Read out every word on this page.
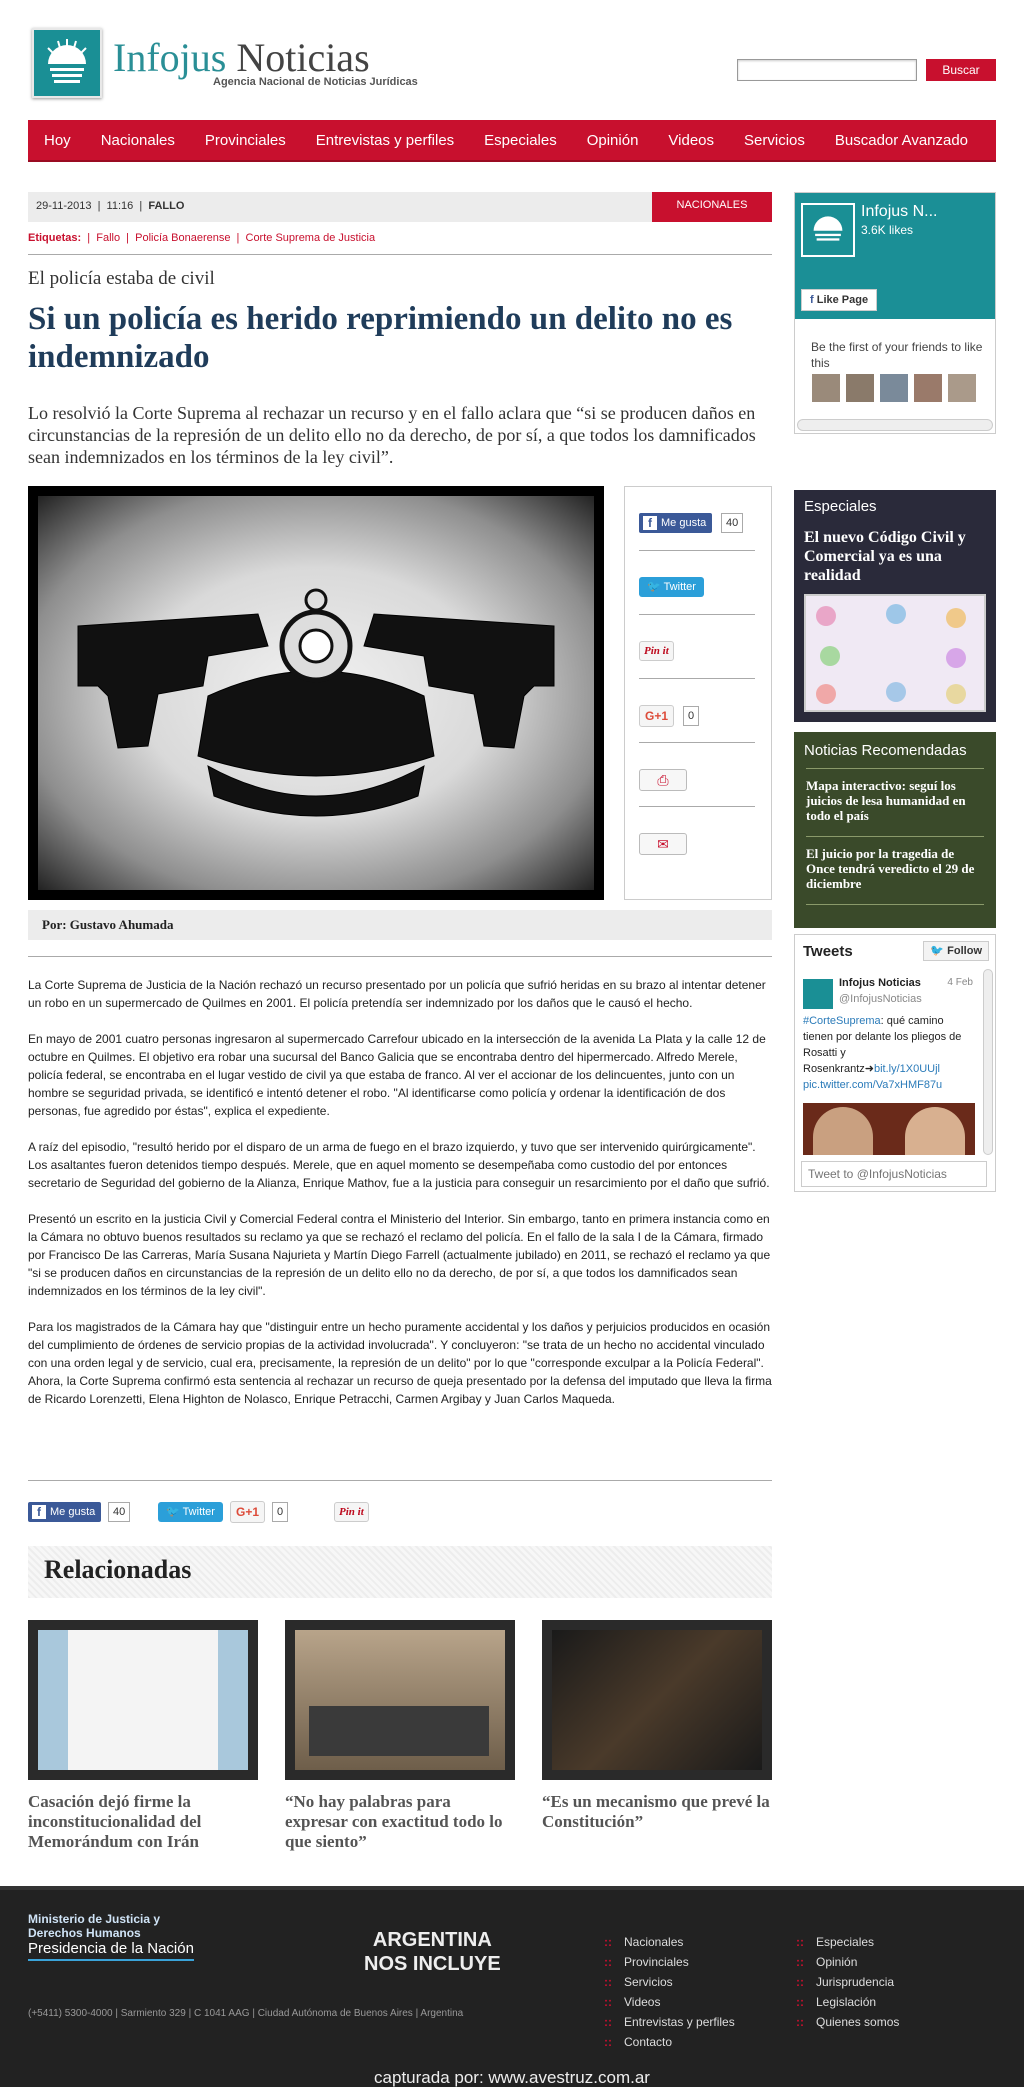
Infojus Noticias
Agencia Nacional de Noticias Jurídicas
Buscar
Hoy Nacionales Provinciales Entrevistas y perfiles Especiales Opinión Videos Servicios Buscador Avanzado
29-11-2013  |  11:16  |  FALLO	NACIONALES
Etiquetas:  |  Fallo |  Policía Bonaerense |  Corte Suprema de Justicia
El policía estaba de civil
Si un policía es herido reprimiendo un delito no es indemnizado
Lo resolvió la Corte Suprema al rechazar un recurso y en el fallo aclara que “si se producen daños en circunstancias de la represión de un delito ello no da derecho, de por sí, a que todos los damnificados sean indemnizados en los términos de la ley civil”.
f Me gusta	40
🐦 Twitter
Pin it
G+1	0
⎙
✉
Por: Gustavo Ahumada

La Corte Suprema de Justicia de la Nación rechazó un recurso presentado por un policía que sufrió heridas en su brazo al intentar detener un robo en un supermercado de Quilmes en 2001. El policía pretendía ser indemnizado por los daños que le causó el hecho.

En mayo de 2001 cuatro personas ingresaron al supermercado Carrefour ubicado en la intersección de la avenida La Plata y la calle 12 de octubre en Quilmes. El objetivo era robar una sucursal del Banco Galicia que se encontraba dentro del hipermercado. Alfredo Merele, policía federal, se encontraba en el lugar vestido de civil ya que estaba de franco. Al ver el accionar de los delincuentes, junto con un hombre se seguridad privada, se identificó e intentó detener el robo. "Al identificarse como policía y ordenar la identificación de dos personas, fue agredido por éstas", explica el expediente.

A raíz del episodio, "resultó herido por el disparo de un arma de fuego en el brazo izquierdo, y tuvo que ser intervenido quirúrgicamente". Los asaltantes fueron detenidos tiempo después. Merele, que en aquel momento se desempeñaba como custodio del por entonces secretario de Seguridad del gobierno de la Alianza, Enrique Mathov, fue a la justicia para conseguir un resarcimiento por el daño que sufrió.

Presentó un escrito en la justicia Civil y Comercial Federal contra el Ministerio del Interior. Sin embargo, tanto en primera instancia como en la Cámara no obtuvo buenos resultados su reclamo ya que se rechazó el reclamo del policía. En el fallo de la sala I de la Cámara, firmado por Francisco De las Carreras, María Susana Najurieta y Martín Diego Farrell (actualmente jubilado) en 2011, se rechazó el reclamo ya que "si se producen daños en circunstancias de la represión de un delito ello no da derecho, de por sí, a que todos los damnificados sean indemnizados en los términos de la ley civil".

Para los magistrados de la Cámara hay que "distinguir entre un hecho puramente accidental y los daños y perjuicios producidos en ocasión del cumplimiento de órdenes de servicio propias de la actividad involucrada". Y concluyeron: "se trata de un hecho no accidental vinculado con una orden legal y de servicio, cual era, precisamente, la represión de un delito" por lo que "corresponde exculpar a la Policía Federal". Ahora, la Corte Suprema confirmó esta sentencia al rechazar un recurso de queja presentado por la defensa del imputado que lleva la firma de Ricardo Lorenzetti, Elena Highton de Nolasco, Enrique Petracchi, Carmen Argibay y Juan Carlos Maqueda.

f Me gusta	40	🐦 Twitter	G+1	0	Pin it
Relacionadas
Casación dejó firme la inconstitucionalidad del Memorándum con Irán
“No hay palabras para expresar con exactitud todo lo que siento”
“Es un mecanismo que prevé la Constitución”
Infojus N...
3.6K likes
f Like Page
Be the first of your friends to like this
Especiales
El nuevo Código Civil y Comercial ya es una realidad
Noticias Recomendadas
Mapa interactivo: seguí los juicios de lesa humanidad en todo el país
El juicio por la tragedia de Once tendrá veredicto el 29 de diciembre
Tweets	🐦 Follow
Infojus Noticias
@InfojusNoticias
4 Feb
#CorteSuprema: qué camino tienen por delante los pliegos de Rosatti y Rosenkrantz➜bit.ly/1X0UUjl
pic.twitter.com/Va7xHMF87u
Tweet to @InfojusNoticias
Ministerio de Justicia y Derechos Humanos
Presidencia de la Nación	ARGENTINA
NOS INCLUYE
(+5411) 5300-4000 | Sarmiento 329 | C 1041 AAG | Ciudad Autónoma de Buenos Aires | Argentina
:: Nacionales
:: Provinciales
:: Servicios
:: Videos
:: Entrevistas y perfiles
:: Contacto
:: Especiales
:: Opinión
:: Jurisprudencia
:: Legislación
:: Quienes somos
capturada por: www.avestruz.com.ar
